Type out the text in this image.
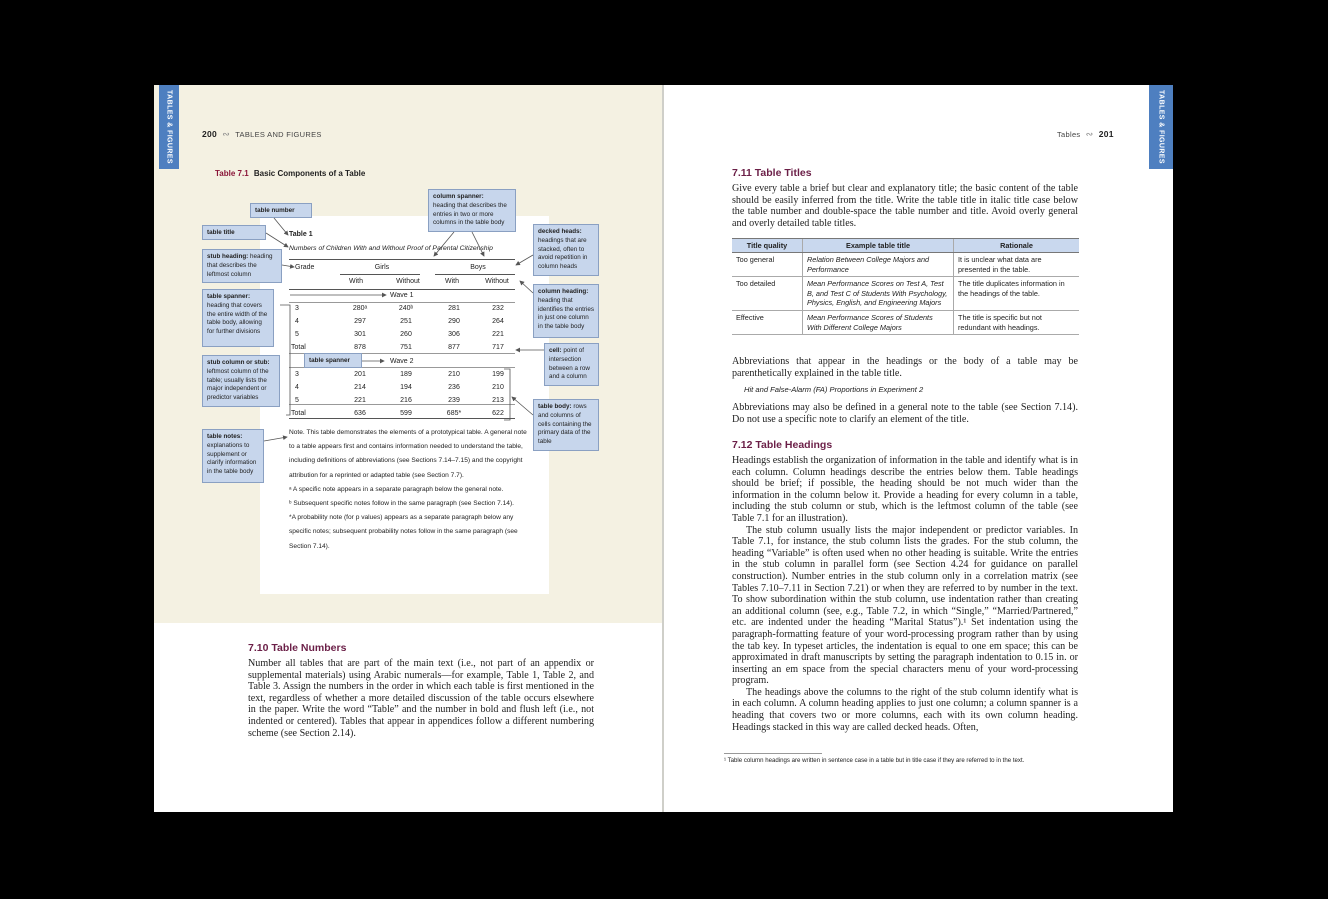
TABLES & FIGURES	200  ∾  TABLES AND FIGURES
Table 7.1 Basic Components of a Table
Table 1
Numbers of Children With and Without Proof of Parental Citizenship
Grade	Girls	Boys
With	Without	With	Without
Wave 1
3	280ᵃ	240ᵇ	281	232
4	297	251	290	264
5	301	260	306	221
Total	878	751	877	717
Wave 2
3	201	189	210	199
4	214	194	236	210
5	221	216	239	213
Total	636	599	685*	622

Note. This table demonstrates the elements of a prototypical table. A general note to a table appears first and contains information needed to understand the table, including definitions of abbreviations (see Sections 7.14–7.15) and the copyright attribution for a reprinted or adapted table (see Section 7.7).

ᵃ A specific note appears in a separate paragraph below the general note.

ᵇ Subsequent specific notes follow in the same paragraph (see Section 7.14).

*A probability note (for p values) appears as a separate paragraph below any specific notes; subsequent probability notes follow in the same paragraph (see Section 7.14).

table number
table title
stub heading: heading that describes the leftmost column
table spanner:
heading that covers the entire width of the table body, allowing for further divisions
stub column or stub:
leftmost column of the table; usually lists the major independent or predictor variables
table notes:
explanations to supplement or clarify information in the table body
column spanner:
heading that describes the entries in two or more columns in the table body
decked heads:
headings that are stacked, often to avoid repetition in column heads
column heading:
heading that identifies the entries in just one column in the table body
cell: point of intersection between a row and a column
table body: rows and columns of cells containing the primary data of the table
table spanner
7.10 Table Numbers

Number all tables that are part of the main text (i.e., not part of an appendix or supplemental materials) using Arabic numerals—for example, Table 1, Table 2, and Table 3. Assign the numbers in the order in which each table is first mentioned in the text, regardless of whether a more detailed discussion of the table occurs elsewhere in the paper. Write the word “Table” and the number in bold and flush left (i.e., not indented or centered). Tables that appear in appendices follow a different numbering scheme (see Section 2.14).

TABLES & FIGURES
Tables  ∾  201
7.11 Table Titles

Give every table a brief but clear and explanatory title; the basic content of the table should be easily inferred from the title. Write the table title in italic title case below the table number and double-space the table number and title. Avoid overly general and overly detailed table titles.

Title quality	Example table title	Rationale
Too general	Relation Between College Majors and Performance	It is unclear what data are presented in the table.
Too detailed	Mean Performance Scores on Test A, Test B, and Test C of Students With Psychology, Physics, English, and Engineering Majors	The title duplicates information in the headings of the table.
Effective	Mean Performance Scores of Students With Different College Majors	The title is specific but not redundant with headings.

Abbreviations that appear in the headings or the body of a table may be parenthetically explained in the table title.

Hit and False-Alarm (FA) Proportions in Experiment 2

Abbreviations may also be defined in a general note to the table (see Section 7.14). Do not use a specific note to clarify an element of the title.

7.12 Table Headings

Headings establish the organization of information in the table and identify what is in each column. Column headings describe the entries below them. Table headings should be brief; if possible, the heading should be not much wider than the information in the column below it. Provide a heading for every column in a table, including the stub column or stub, which is the leftmost column of the table (see Table 7.1 for an illustration).

The stub column usually lists the major independent or predictor variables. In Table 7.1, for instance, the stub column lists the grades. For the stub column, the heading “Variable” is often used when no other heading is suitable. Write the entries in the stub column in parallel form (see Section 4.24 for guidance on parallel construction). Number entries in the stub column only in a correlation matrix (see Tables 7.10–7.11 in Section 7.21) or when they are referred to by number in the text. To show subordination within the stub column, use indentation rather than creating an additional column (see, e.g., Table 7.2, in which “Single,” “Married/Partnered,” etc. are indented under the heading “Marital Status”).¹ Set indentation using the paragraph-formatting feature of your word-processing program rather than by using the tab key. In typeset articles, the indentation is equal to one em space; this can be approximated in draft manuscripts by setting the paragraph indentation to 0.15 in. or inserting an em space from the special characters menu of your word-processing program.

The headings above the columns to the right of the stub column identify what is in each column. A column heading applies to just one column; a column spanner is a heading that covers two or more columns, each with its own column heading. Headings stacked in this way are called decked heads. Often,

¹ Table column headings are written in sentence case in a table but in title case if they are referred to in the text.
